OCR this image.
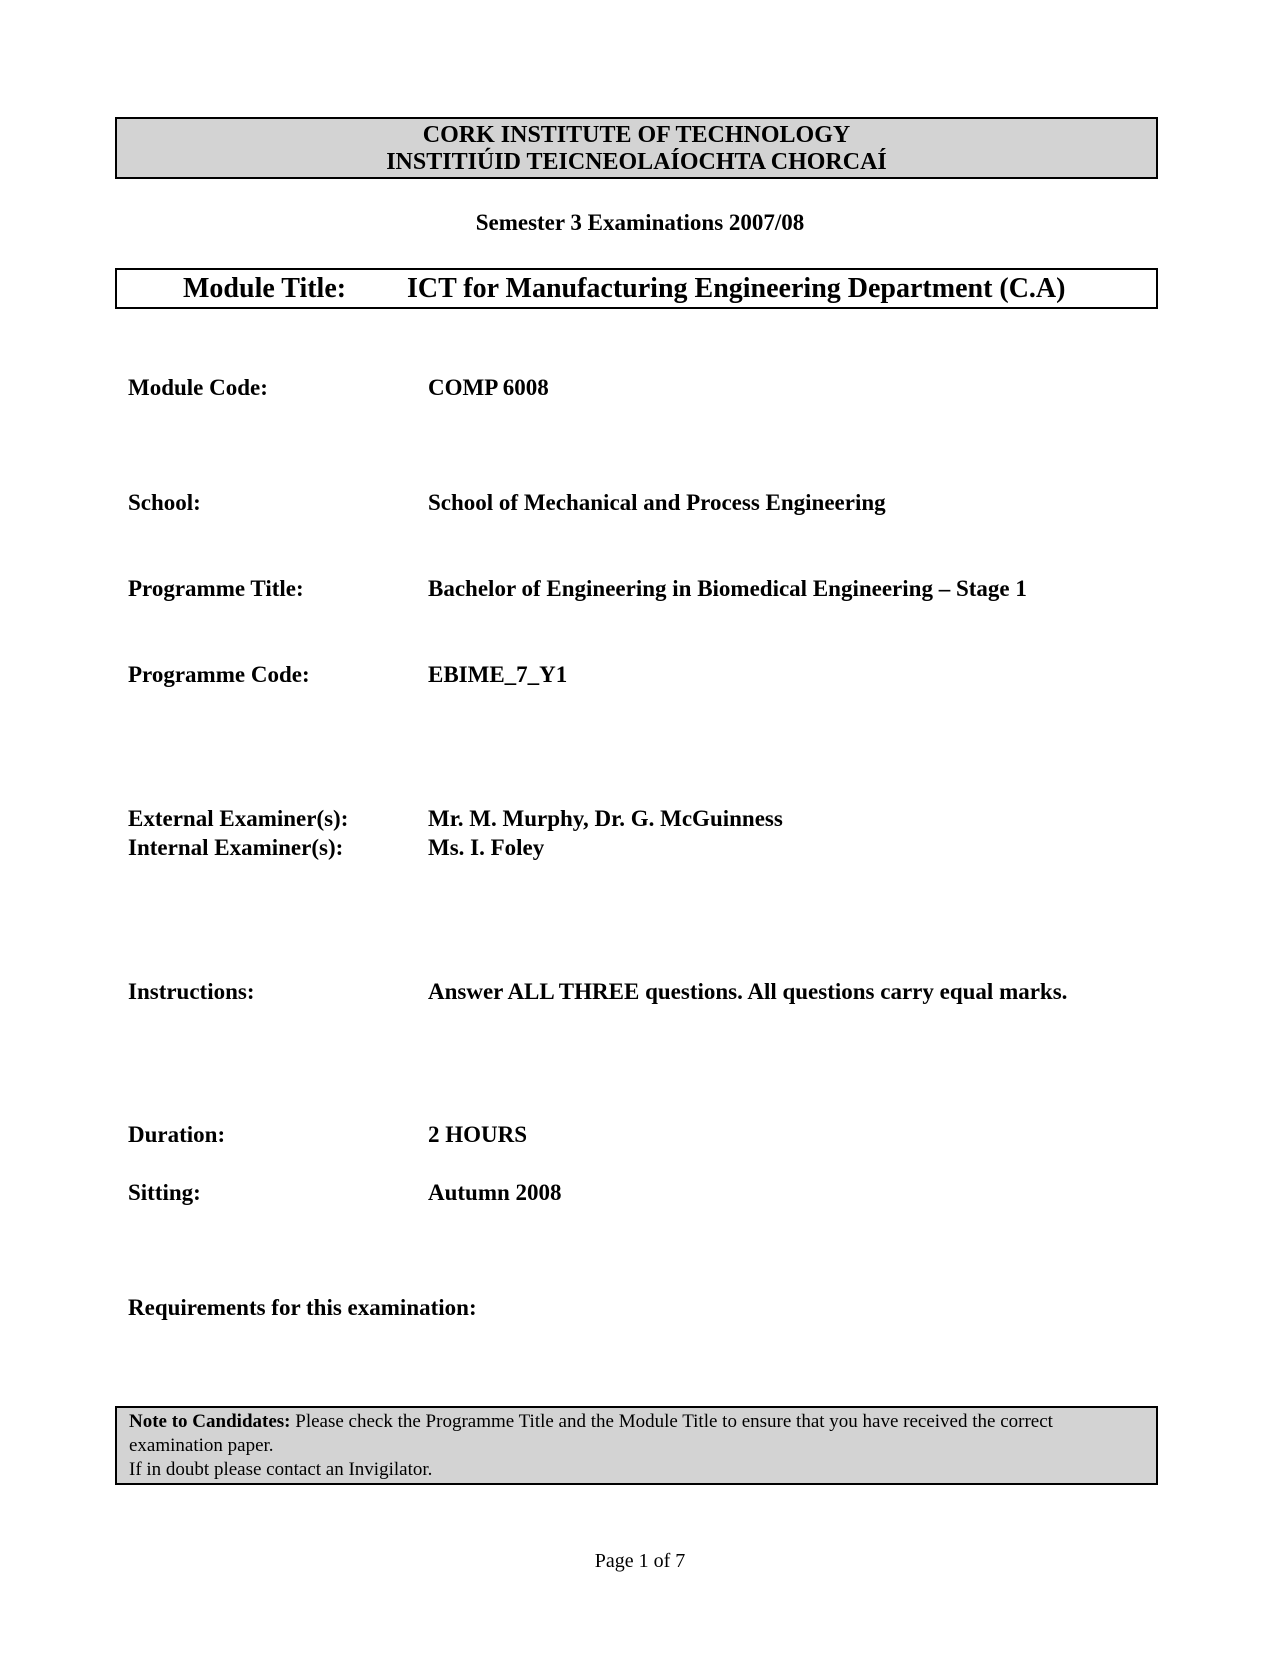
CORK INSTITUTE OF TECHNOLOGY
INSTITIÚID TEICNEOLAÍOCHTA CHORCAÍ
Semester 3 Examinations 2007/08
Module Title: ICT for Manufacturing Engineering Department (C.A)
Module Code:	COMP 6008
School:	School of Mechanical and Process Engineering
Programme Title:	Bachelor of Engineering in Biomedical Engineering – Stage 1
Programme Code:	EBIME_7_Y1
External Examiner(s):	Mr. M. Murphy, Dr. G. McGuinness
Internal Examiner(s):	Ms. I. Foley
Instructions:	Answer ALL THREE questions. All questions carry equal marks.
Duration:	2 HOURS
Sitting:	Autumn 2008
Requirements for this examination:
Note to Candidates: Please check the Programme Title and the Module Title to ensure that you have received the correct examination paper.
If in doubt please contact an Invigilator.
Page 1 of 7
